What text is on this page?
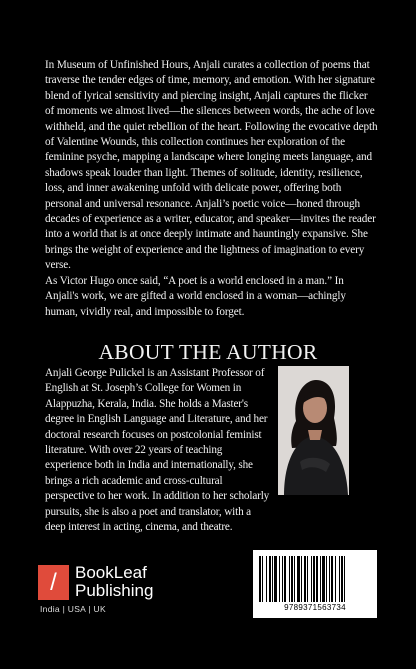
In Museum of Unfinished Hours, Anjali curates a collection of poems that traverse the tender edges of time, memory, and emotion. With her signature blend of lyrical sensitivity and piercing insight, Anjali captures the flicker of moments we almost lived—the silences between words, the ache of love withheld, and the quiet rebellion of the heart. Following the evocative depth of Valentine Wounds, this collection continues her exploration of the feminine psyche, mapping a landscape where longing meets language, and shadows speak louder than light. Themes of solitude, identity, resilience, loss, and inner awakening unfold with delicate power, offering both personal and universal resonance. Anjali’s poetic voice—honed through decades of experience as a writer, educator, and speaker—invites the reader into a world that is at once deeply intimate and hauntingly expansive. She brings the weight of experience and the lightness of imagination to every verse.

As Victor Hugo once said, “A poet is a world enclosed in a man.” In Anjali's work, we are gifted a world enclosed in a woman—achingly human, vividly real, and impossible to forget.

ABOUT THE AUTHOR
Anjali George Pulickel is an Assistant Professor of English at St. Joseph’s College for Women in Alappuzha, Kerala, India. She holds a Master's degree in English Language and Literature, and her doctoral research focuses on postcolonial feminist literature. With over 22 years of teaching experience both in India and internationally, she brings a rich academic and cross-cultural perspective to her work. In addition to her scholarly pursuits, she is also a poet and translator, with a deep interest in acting, cinema, and theatre.
/	BookLeaf
Publishing
India | USA | UK	9789371563734
